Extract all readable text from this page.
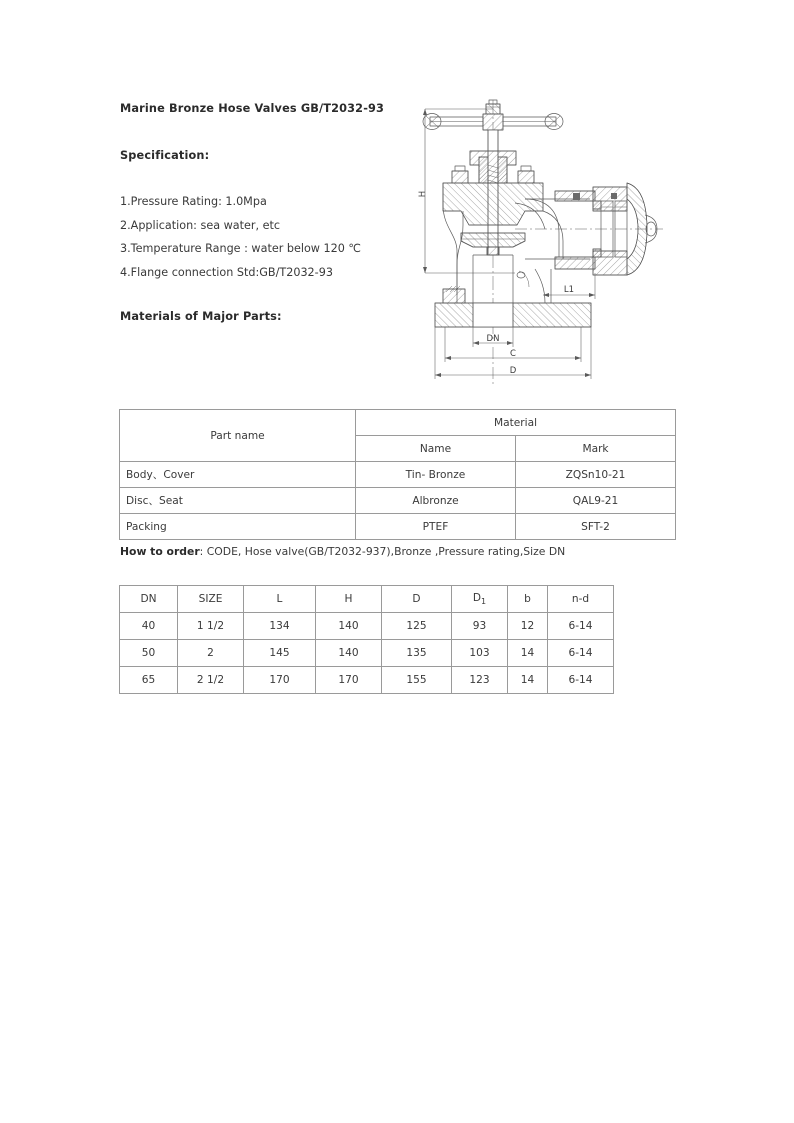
Marine Bronze Hose Valves GB/T2032-93
Specification:
1.Pressure Rating: 1.0Mpa
2.Application: sea water, etc
3.Temperature Range : water below 120 ℃
4.Flange connection Std:GB/T2032-93
Materials of Major Parts:
Part name	Material	
	Name	Mark
Body、Cover	Tin- Bronze	ZQSn10-21
Disc、Seat	Albronze	QAL9-21
Packing	PTEF	SFT-2
How to order: CODE, Hose valve(GB/T2032-937),Bronze ,Pressure rating,Size DN
DN	SIZE	L	H	D	$D_1$	b	n-d
40	1 1/2	134	140	125	93	12	6-14
50	2	145	140	135	103	14	6-14
65	2 1/2	170	170	155	123	14	6-14
H
L1
DN
C
D
